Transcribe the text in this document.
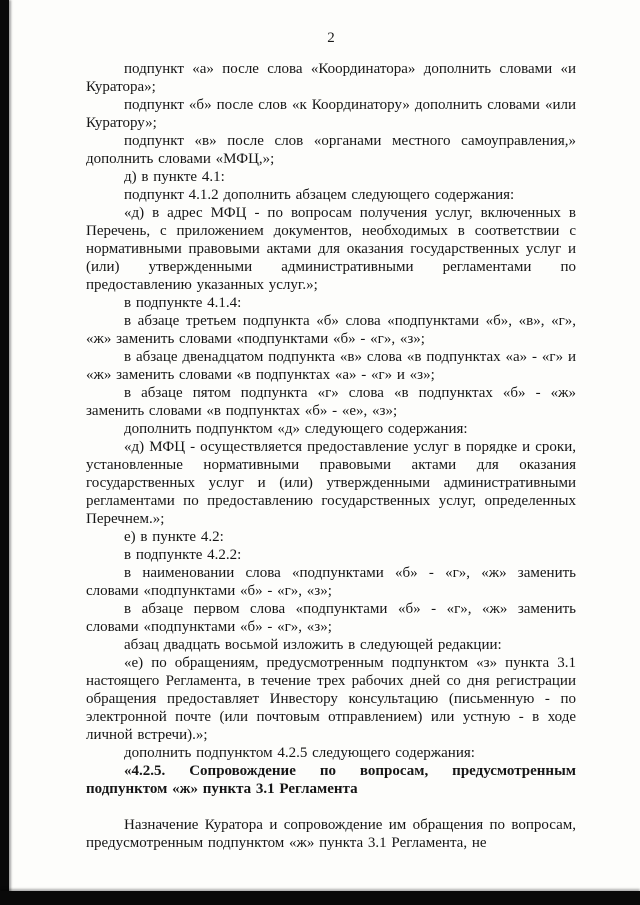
2

подпункт «а» после слова «Координатора» дополнить словами «и Куратора»;

подпункт «б» после слов «к Координатору» дополнить словами «или Куратору»;

подпункт «в» после слов «органами местного самоуправления,» дополнить словами «МФЦ,»;

д) в пункте 4.1:

подпункт 4.1.2 дополнить абзацем следующего содержания:

«д) в адрес МФЦ - по вопросам получения услуг, включенных в Перечень, с приложением документов, необходимых в соответствии с нормативными правовыми актами для оказания государственных услуг и (или) утвержденными административными регламентами по предоставлению указанных услуг.»;

в подпункте 4.1.4:

в абзаце третьем подпункта «б» слова «подпунктами «б», «в», «г», «ж» заменить словами «подпунктами «б» - «г», «з»;

в абзаце двенадцатом подпункта «в» слова «в подпунктах «а» - «г» и «ж» заменить словами «в подпунктах «а» - «г» и «з»;

в абзаце пятом подпункта «г» слова «в подпунктах «б» - «ж» заменить словами «в подпунктах «б» - «е», «з»;

дополнить подпунктом «д» следующего содержания:

«д) МФЦ - осуществляется предоставление услуг в порядке и сроки, установленные нормативными правовыми актами для оказания государственных услуг и (или) утвержденными административными регламентами по предоставлению государственных услуг, определенных Перечнем.»;

е) в пункте 4.2:

в подпункте 4.2.2:

в наименовании слова «подпунктами «б» - «г», «ж» заменить словами «подпунктами «б» - «г», «з»;

в абзаце первом слова «подпунктами «б» - «г», «ж» заменить словами «подпунктами «б» - «г», «з»;

абзац двадцать восьмой изложить в следующей редакции:

«е) по обращениям, предусмотренным подпунктом «з» пункта 3.1 настоящего Регламента, в течение трех рабочих дней со дня регистрации обращения предоставляет Инвестору консультацию (письменную - по электронной почте (или почтовым отправлением) или устную - в ходе личной встречи).»;

дополнить подпунктом 4.2.5 следующего содержания:

«4.2.5. Сопровождение по вопросам, предусмотренным подпунктом «ж» пункта 3.1 Регламента

Назначение Куратора и сопровождение им обращения по вопросам, предусмотренным подпунктом «ж» пункта 3.1 Регламента, не
